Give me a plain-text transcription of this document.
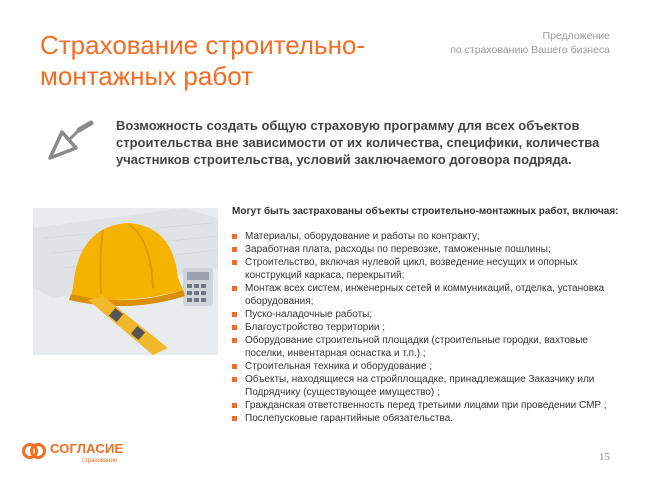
Страхование строительно-монтажных работ
Предложение
по страхованию Вашего бизнеса
Возможность создать общую страховую программу для всех объектов строительства вне зависимости от их количества, специфики, количества участников строительства, условий заключаемого договора подряда.
Могут быть застрахованы объекты строительно-монтажных работ, включая:
Материалы, оборудование и работы по контракту;
Заработная плата, расходы по перевозке, таможенные пошлины;
Строительство, включая нулевой цикл, возведение несущих и опорных конструкций каркаса, перекрытий;
Монтаж всех систем, инженерных сетей и коммуникаций, отделка, установка оборудования;
Пуско-наладочные работы;
Благоустройство территории ;
Оборудование строительной площадки (строительные городки, вахтовые поселки, инвентарная оснастка и т.п.) ;
Строительная техника и оборудование ;
Объекты, находящиеся на стройплощадке, принадлежащие Заказчику или Подрядчику (существующее имущество) ;
Гражданская ответственность перед третьими лицами при проведении СМР ;
Послепусковые гарантийные обязательства.
СОГЛАСИЕ
страхование	15
